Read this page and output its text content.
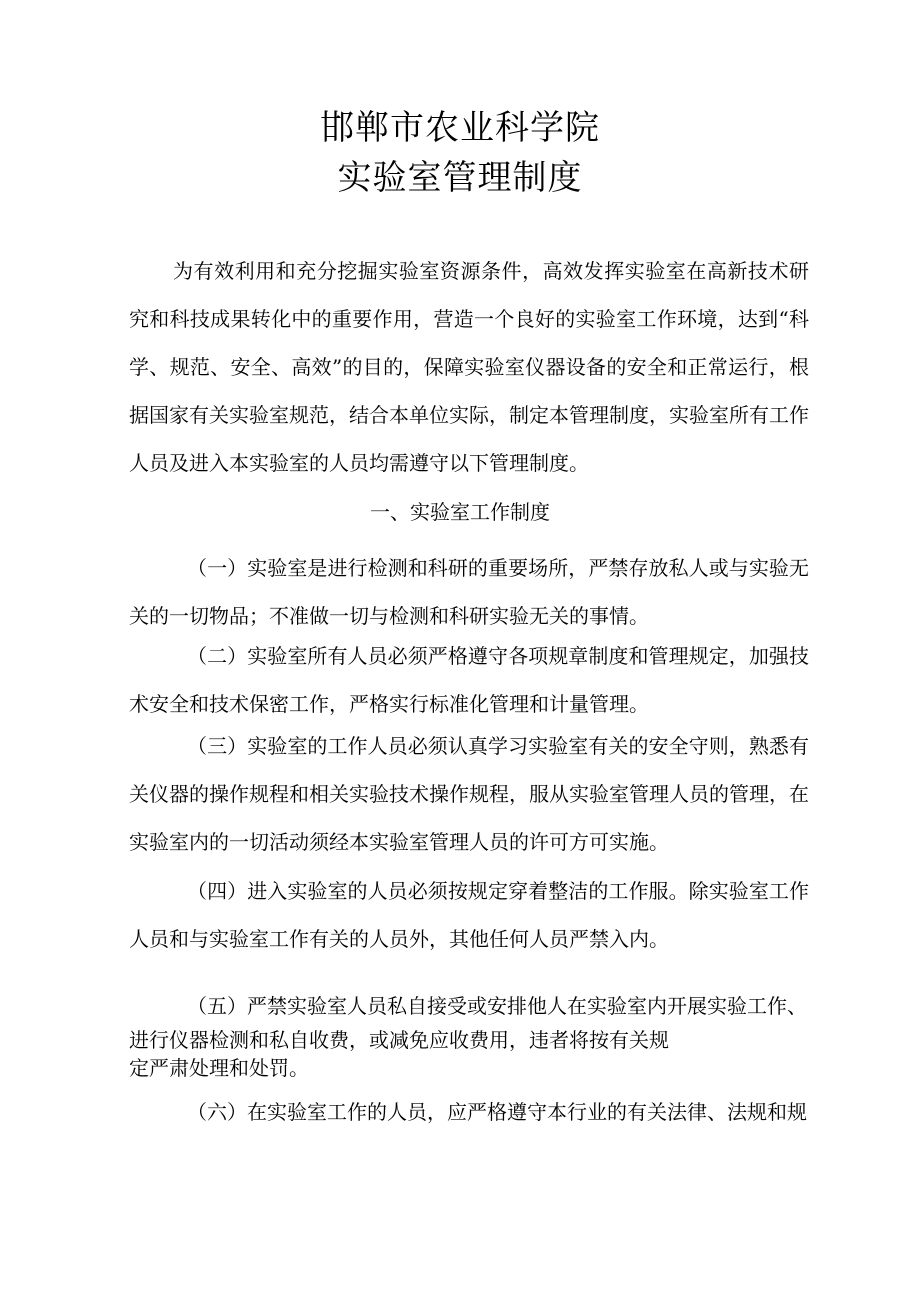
邯郸市农业科学院
实验室管理制度
为有效利用和充分挖掘实验室资源条件，高效发挥实验室在高新技术研究和科技成果转化中的重要作用，营造一个良好的实验室工作环境，达到“科学、规范、安全、高效”的目的，保障实验室仪器设备的安全和正常运行，根据国家有关实验室规范，结合本单位实际，制定本管理制度，实验室所有工作人员及进入本实验室的人员均需遵守以下管理制度。
一、实验室工作制度
（一）实验室是进行检测和科研的重要场所，严禁存放私人或与实验无关的一切物品；不准做一切与检测和科研实验无关的事情。
（二）实验室所有人员必须严格遵守各项规章制度和管理规定，加强技术安全和技术保密工作，严格实行标准化管理和计量管理。
（三）实验室的工作人员必须认真学习实验室有关的安全守则，熟悉有关仪器的操作规程和相关实验技术操作规程，服从实验室管理人员的管理，在实验室内的一切活动须经本实验室管理人员的许可方可实施。
（四）进入实验室的人员必须按规定穿着整洁的工作服。除实验室工作人员和与实验室工作有关的人员外，其他任何人员严禁入内。
（五）严禁实验室人员私自接受或安排他人在实验室内开展实验工作、
进行仪器检测和私自收费，或减免应收费用，违者将按有关规
定严肃处理和处罚。
（六）在实验室工作的人员，应严格遵守本行业的有关法律、法规和规
